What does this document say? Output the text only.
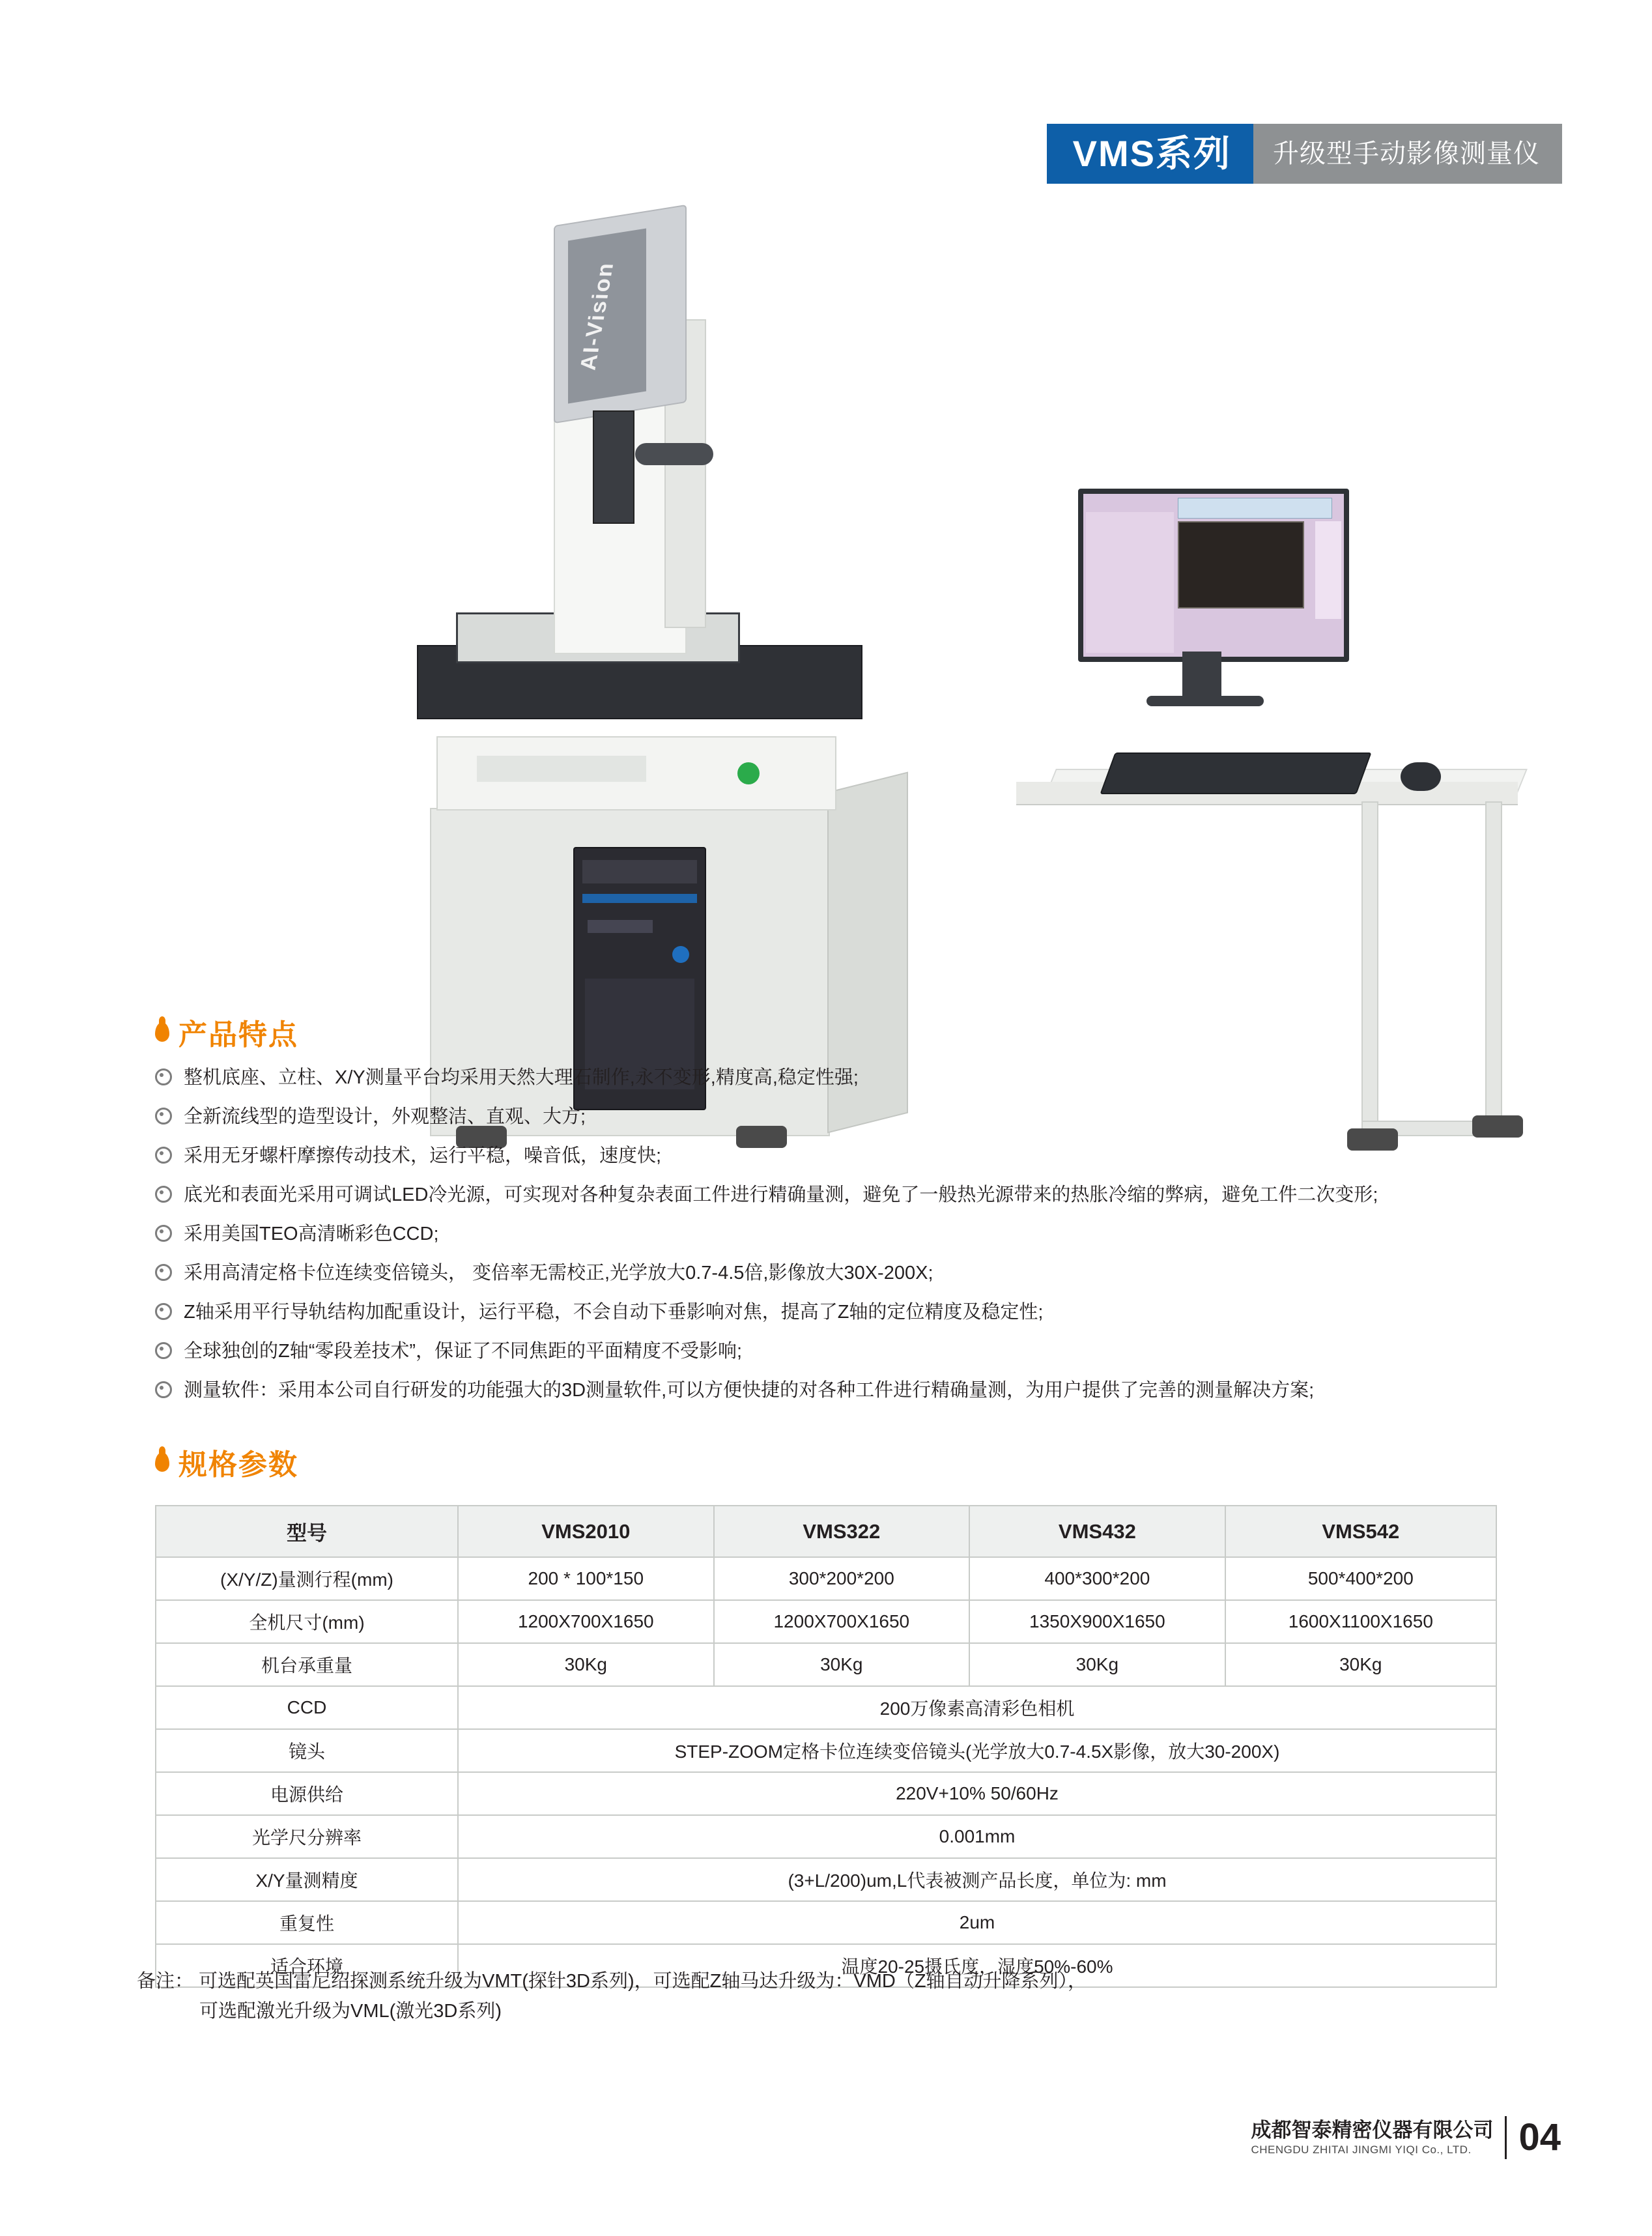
VMS系列	升级型手动影像测量仪
AI-Vision
产品特点
整机底座、立柱、X/Y测量平台均采用天然大理石制作,永不变形,精度高,稳定性强;
全新流线型的造型设计，外观整洁、直观、大方;
采用无牙螺杆摩擦传动技术，运行平稳，噪音低，速度快;
底光和表面光采用可调试LED冷光源，可实现对各种复杂表面工件进行精确量测，避免了一般热光源带来的热胀冷缩的弊病，避免工件二次变形;
采用美国TEO高清晰彩色CCD;
采用高清定格卡位连续变倍镜头， 变倍率无需校正,光学放大0.7-4.5倍,影像放大30X-200X;
Z轴采用平行导轨结构加配重设计，运行平稳，不会自动下垂影响对焦，提高了Z轴的定位精度及稳定性;
全球独创的Z轴“零段差技术”，保证了不同焦距的平面精度不受影响;
测量软件：采用本公司自行研发的功能强大的3D测量软件,可以方便快捷的对各种工件进行精确量测，为用户提供了完善的测量解决方案;
规格参数
型号	VMS2010	VMS322	VMS432	VMS542
(X/Y/Z)量测行程(mm)	200 * 100*150	300*200*200	400*300*200	500*400*200
全机尺寸(mm)	1200X700X1650	1200X700X1650	1350X900X1650	1600X1100X1650
机台承重量	30Kg	30Kg	30Kg	30Kg
CCD	200万像素高清彩色相机			
镜头	STEP-ZOOM定格卡位连续变倍镜头(光学放大0.7-4.5X影像，放大30-200X)			
电源供给	220V+10% 50/60Hz			
光学尺分辨率	0.001mm			
X/Y量测精度	(3+L/200)um,L代表被测产品长度，单位为: mm			
重复性	2um			
适合环境	温度20-25摄氏度，湿度50%-60%			
备注： 可选配英国雷尼绍探测系统升级为VMT(探针3D系列)，可选配Z轴马达升级为：VMD（Z轴自动升降系列），
可选配激光升级为VML(激光3D系列)
成都智泰精密仪器有限公司
CHENGDU ZHITAI JINGMI YIQI Co., LTD.	04
